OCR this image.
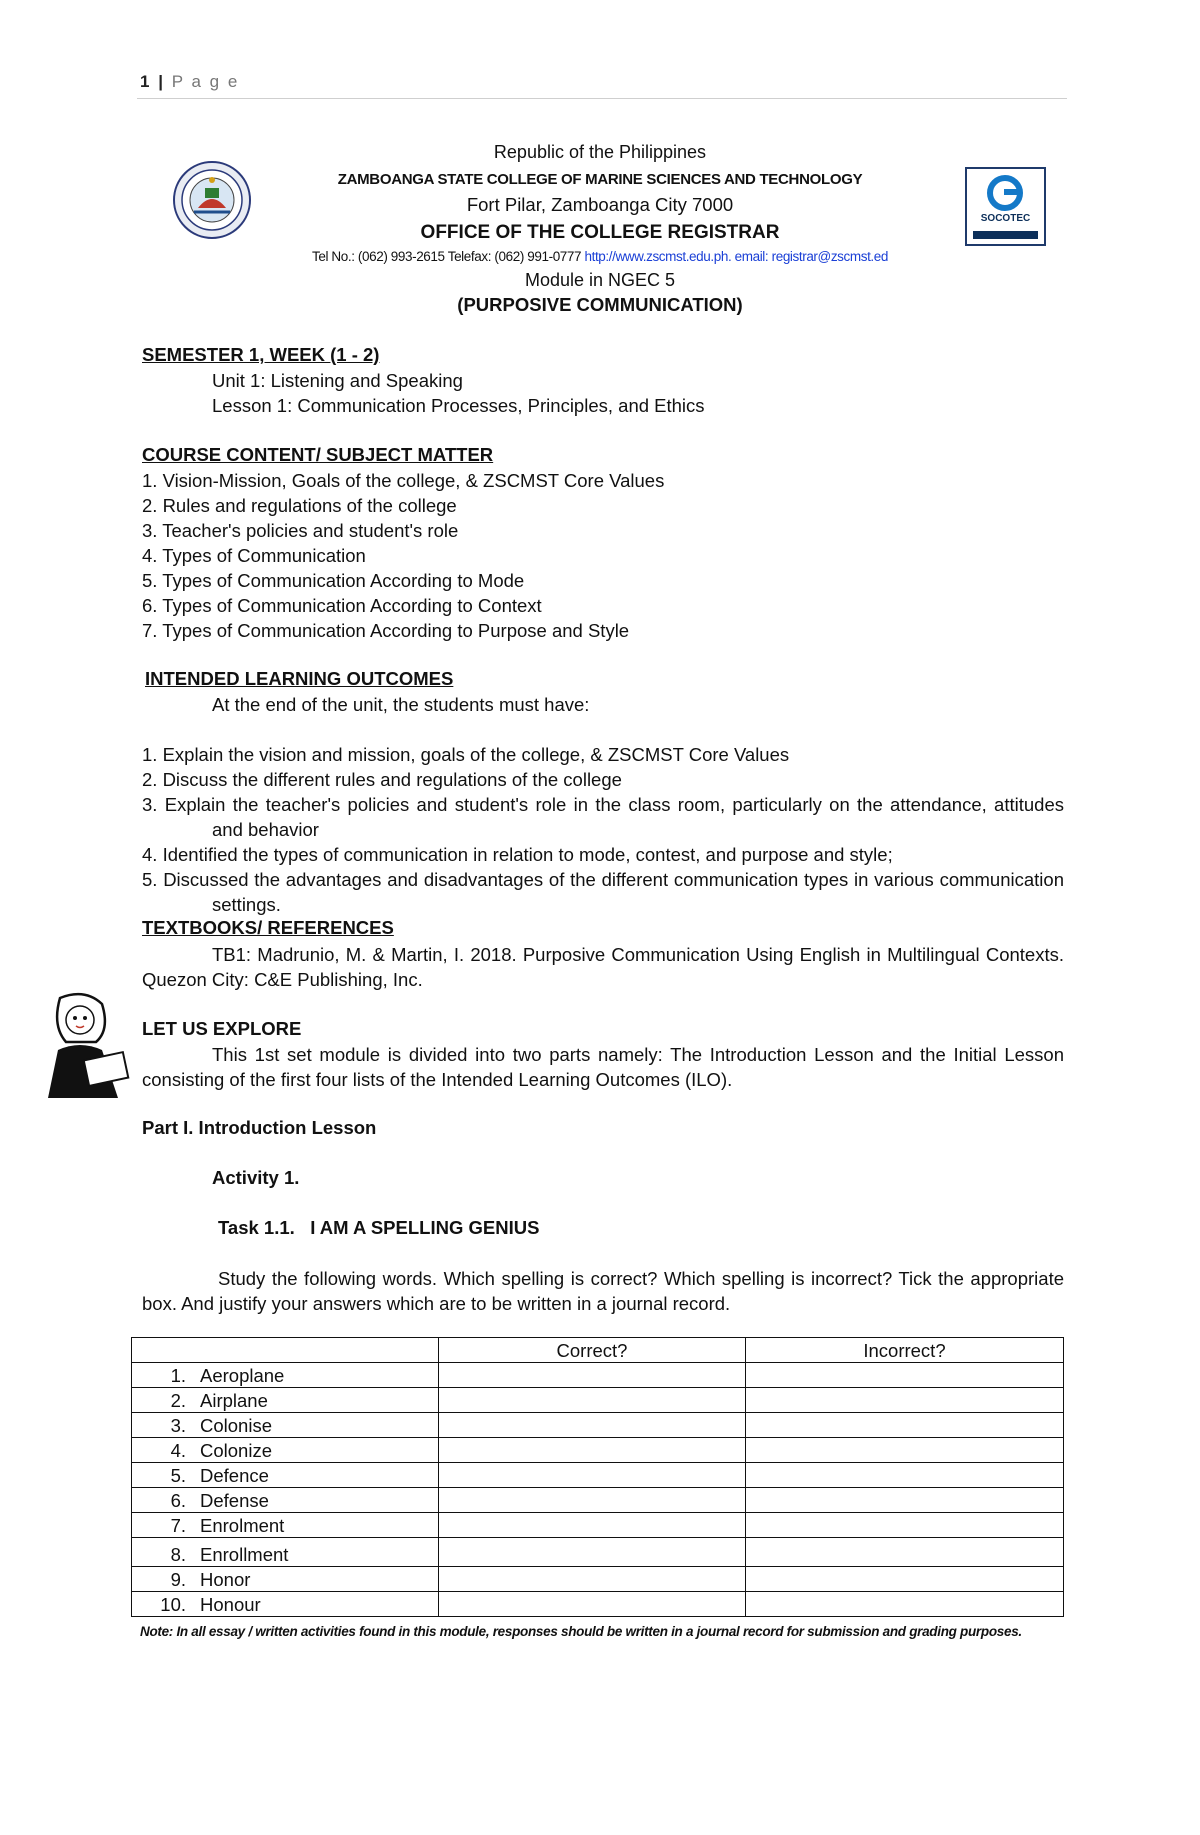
1 | P a g e
SOCOTEC
Republic of the Philippines
ZAMBOANGA STATE COLLEGE OF MARINE SCIENCES AND TECHNOLOGY
Fort Pilar, Zamboanga City 7000
OFFICE OF THE COLLEGE REGISTRAR
Tel No.: (062) 993-2615 Telefax: (062) 991-0777 http://www.zscmst.edu.ph. email: registrar@zscmst.ed
Module in NGEC 5
(PURPOSIVE COMMUNICATION)
SEMESTER 1, WEEK (1 - 2)
Unit 1: Listening and Speaking
Lesson 1: Communication Processes, Principles, and Ethics
COURSE CONTENT/ SUBJECT MATTER
1. Vision-Mission, Goals of the college, & ZSCMST Core Values
2. Rules and regulations of the college
3. Teacher's policies and student's role
4. Types of Communication
5. Types of Communication According to Mode
6. Types of Communication According to Context
7. Types of Communication According to Purpose and Style
INTENDED LEARNING OUTCOMES
At the end of the unit, the students must have:
1. Explain the vision and mission, goals of the college, & ZSCMST Core Values
2. Discuss the different rules and regulations of the college
3. Explain the teacher's policies and student's role in the class room, particularly on the attendance, attitudes and behavior
4. Identified the types of communication in relation to mode, contest, and purpose and style;
5. Discussed the advantages and disadvantages of the different communication types in various communication settings.
TEXTBOOKS/ REFERENCES
TB1: Madrunio, M. & Martin, I. 2018. Purposive Communication Using English in Multilingual Contexts. Quezon City: C&E Publishing, Inc.
LET US EXPLORE
This 1st set module is divided into two parts namely: The Introduction Lesson and the Initial Lesson consisting of the first four lists of the Intended Learning Outcomes (ILO).
Part I. Introduction Lesson
Activity 1.
Task 1.1.   I AM A SPELLING GENIUS
Study the following words. Which spelling is correct? Which spelling is incorrect? Tick the appropriate box. And justify your answers which are to be written in a journal record.
	Correct?	Incorrect?
1. Aeroplane		
2. Airplane		
3. Colonise		
4. Colonize		
5. Defence		
6. Defense		
7. Enrolment		
8. Enrollment		
9. Honor		
10. Honour		
Note: In all essay / written activities found in this module, responses should be written in a journal record for submission and grading purposes.
